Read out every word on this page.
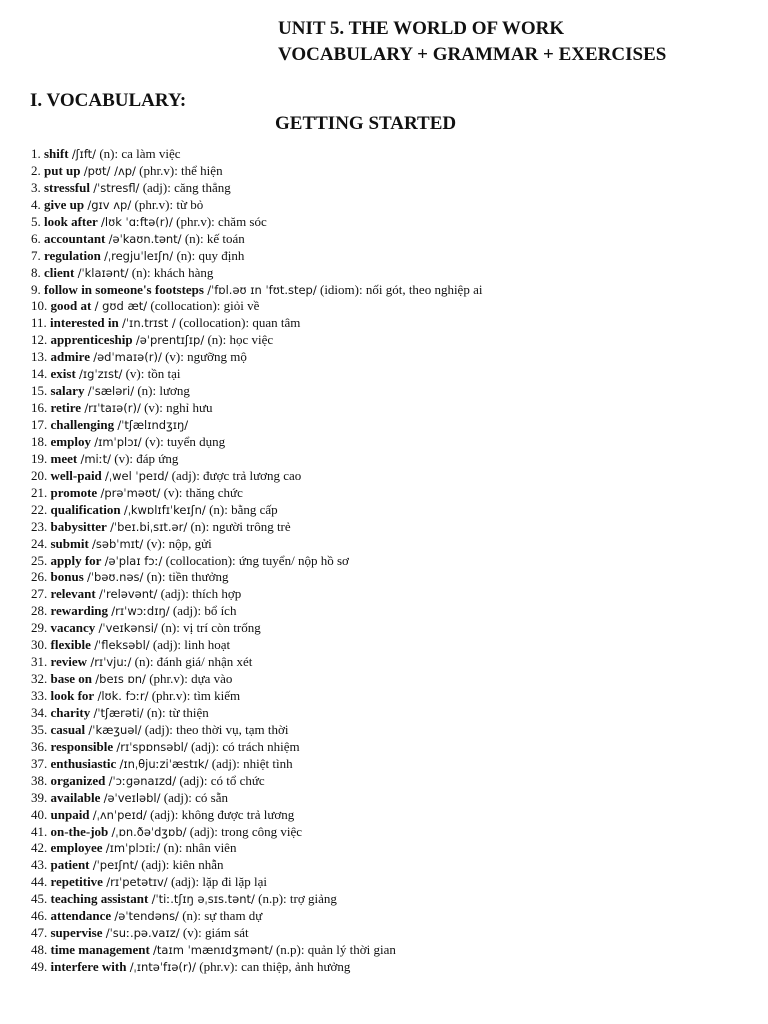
UNIT 5. THE WORLD OF WORK
VOCABULARY + GRAMMAR + EXERCISES
I. VOCABULARY:
GETTING STARTED
1. shift /ʃɪft/ (n): ca làm việc
2. put up /pʊt/ /ʌp/ (phr.v): thể hiện
3. stressful /ˈstresfl/ (adj): căng thẳng
4. give up /gɪv ʌp/ (phr.v): từ bỏ
5. look after /lʊk ˈɑːftə(r)/ (phr.v): chăm sóc
6. accountant /əˈkaʊn.tənt/ (n): kế toán
7. regulation /ˌregjuˈleɪʃn/ (n): quy định
8. client /ˈklaɪənt/ (n): khách hàng
9. follow in someone's footsteps /ˈfɒl.əʊ ɪn ˈfʊt.step/ (idiom): nối gót, theo nghiệp ai
10. good at / gʊd æt/ (collocation): giỏi về
11. interested in /ˈɪn.trɪst / (collocation): quan tâm
12. apprenticeship /əˈprentɪʃɪp/ (n): học việc
13. admire /ədˈmaɪə(r)/ (v): ngưỡng mộ
14. exist /ɪgˈzɪst/ (v): tồn tại
15. salary /ˈsæləri/ (n): lương
16. retire /rɪˈtaɪə(r)/ (v): nghỉ hưu
17. challenging /ˈtʃælɪndʒɪŋ/
18. employ /ɪmˈplɔɪ/ (v): tuyển dụng
19. meet /miːt/ (v): đáp ứng
20. well-paid /ˌwel ˈpeɪd/ (adj): được trả lương cao
21. promote /prəˈməʊt/ (v): thăng chức
22. qualification /ˌkwɒlɪfɪˈkeɪʃn/ (n): bằng cấp
23. babysitter /ˈbeɪ.biˌsɪt.ər/ (n): người trông trẻ
24. submit /səbˈmɪt/ (v): nộp, gửi
25. apply for /əˈplaɪ fɔː/ (collocation): ứng tuyển/ nộp hồ sơ
26. bonus /ˈbəʊ.nəs/ (n): tiền thưởng
27. relevant /ˈreləvənt/ (adj): thích hợp
28. rewarding /rɪˈwɔːdɪŋ/ (adj): bổ ích
29. vacancy /ˈveɪkənsi/ (n): vị trí còn trống
30. flexible /ˈfleksəbl/ (adj): linh hoạt
31. review /rɪˈvjuː/ (n): đánh giá/ nhận xét
32. base on /beɪs ɒn/ (phr.v): dựa vào
33. look for /lʊk. fɔːr/ (phr.v): tìm kiếm
34. charity /ˈtʃærəti/ (n): từ thiện
35. casual /ˈkæʒuəl/ (adj): theo thời vụ, tạm thời
36. responsible /rɪˈspɒnsəbl/ (adj): có trách nhiệm
37. enthusiastic /ɪnˌθjuːziˈæstɪk/ (adj): nhiệt tình
38. organized /ˈɔːgənaɪzd/ (adj): có tổ chức
39. available /əˈveɪləbl/ (adj): có sẵn
40. unpaid /ˌʌnˈpeɪd/ (adj): không được trả lương
41. on-the-job /ˌɒn.ðəˈdʒɒb/ (adj): trong công việc
42. employee /ɪmˈplɔɪiː/ (n): nhân viên
43. patient /ˈpeɪʃnt/ (adj): kiên nhẫn
44. repetitive /rɪˈpetətɪv/ (adj): lặp đi lặp lại
45. teaching assistant /ˈtiː.tʃɪŋ əˌsɪs.tənt/ (n.p): trợ giảng
46. attendance /əˈtendəns/ (n): sự tham dự
47. supervise /ˈsuː.pə.vaɪz/ (v): giám sát
48. time management /taɪm ˈmænɪdʒmənt/ (n.p): quản lý thời gian
49. interfere with /ˌɪntəˈfɪə(r)/ (phr.v): can thiệp, ảnh hưởng
